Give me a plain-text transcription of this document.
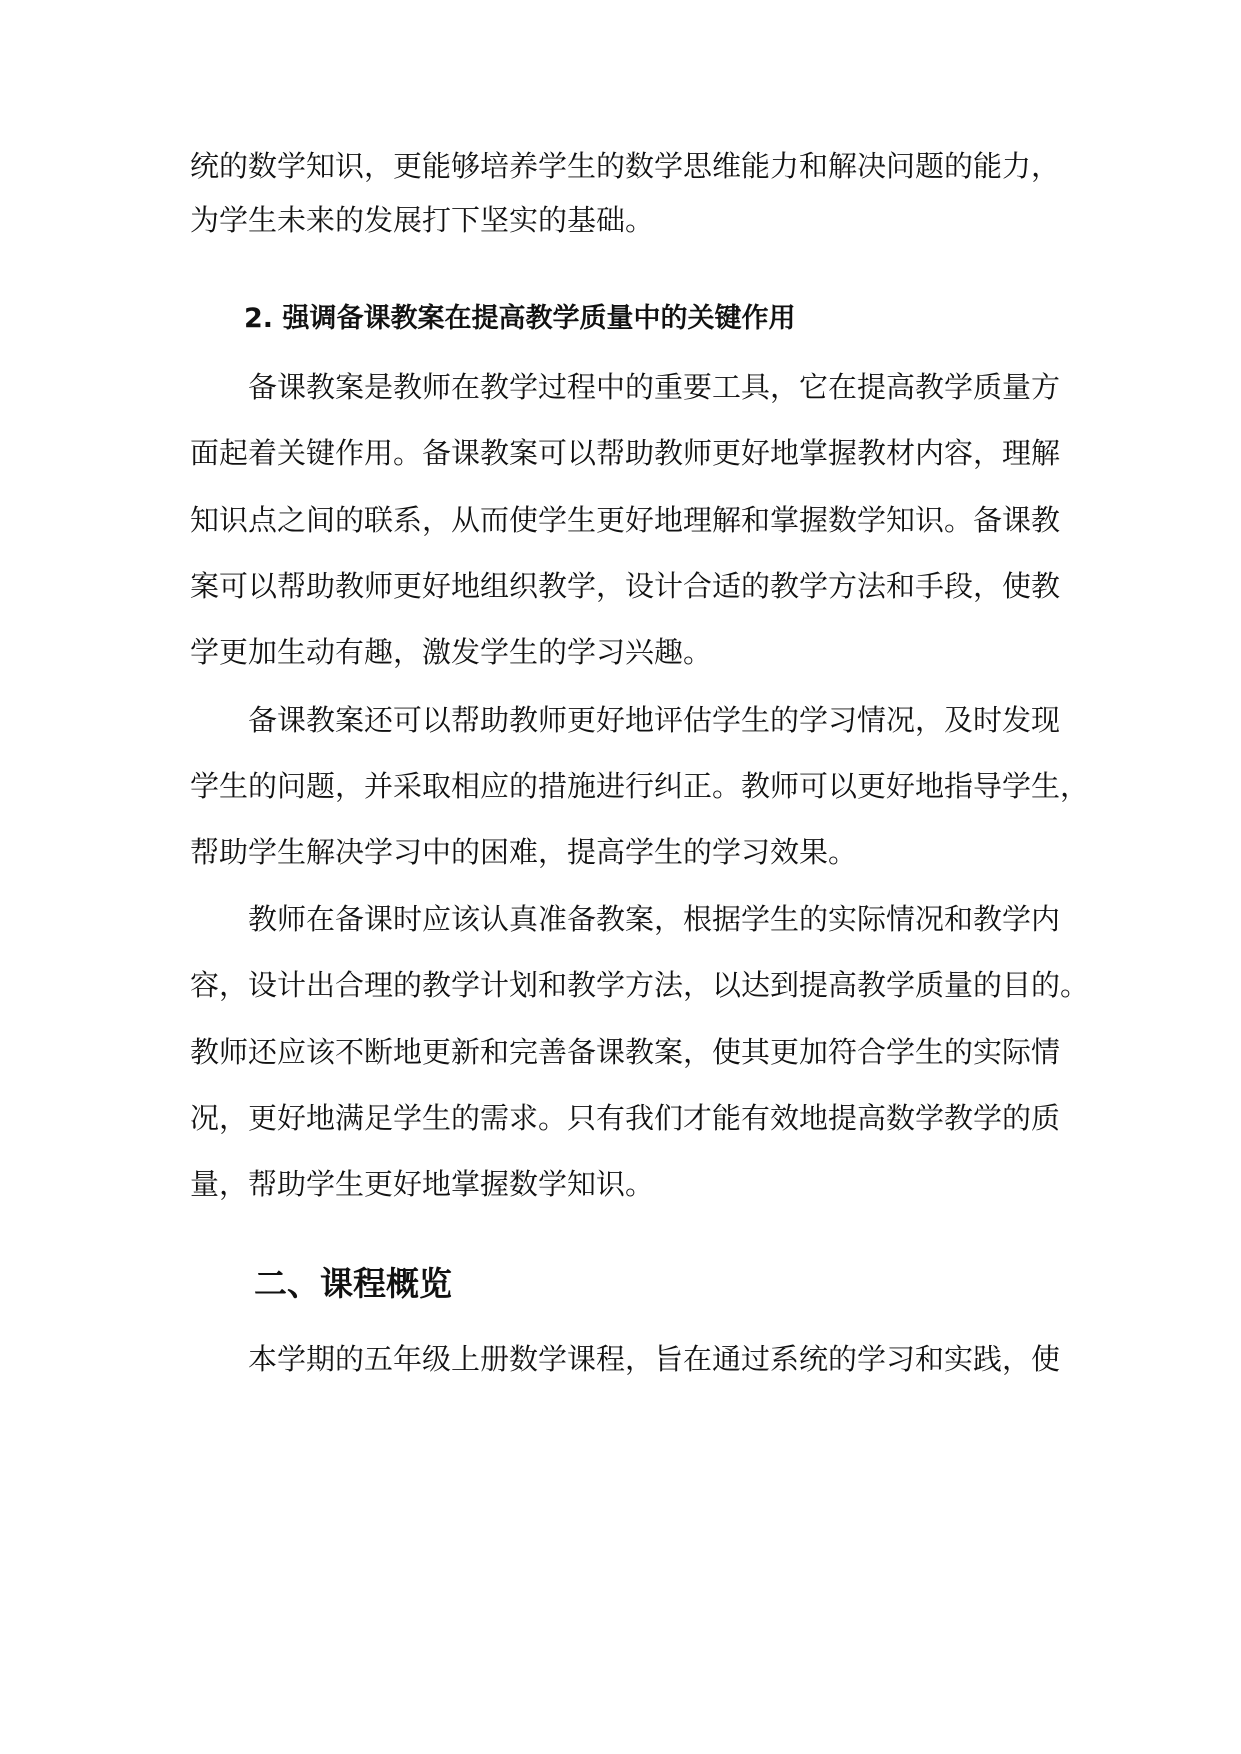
统的数学知识，更能够培养学生的数学思维能力和解决问题的能力，

为学生未来的发展打下坚实的基础。

2. 强调备课教案在提高教学质量中的关键作用

备课教案是教师在教学过程中的重要工具，它在提高教学质量方

面起着关键作用。备课教案可以帮助教师更好地掌握教材内容，理解

知识点之间的联系，从而使学生更好地理解和掌握数学知识。备课教

案可以帮助教师更好地组织教学，设计合适的教学方法和手段，使教

学更加生动有趣，激发学生的学习兴趣。

备课教案还可以帮助教师更好地评估学生的学习情况，及时发现

学生的问题，并采取相应的措施进行纠正。教师可以更好地指导学生，

帮助学生解决学习中的困难，提高学生的学习效果。

教师在备课时应该认真准备教案，根据学生的实际情况和教学内

容，设计出合理的教学计划和教学方法，以达到提高教学质量的目的。

教师还应该不断地更新和完善备课教案，使其更加符合学生的实际情

况，更好地满足学生的需求。只有我们才能有效地提高数学教学的质

量，帮助学生更好地掌握数学知识。

二、课程概览

本学期的五年级上册数学课程，旨在通过系统的学习和实践，使
